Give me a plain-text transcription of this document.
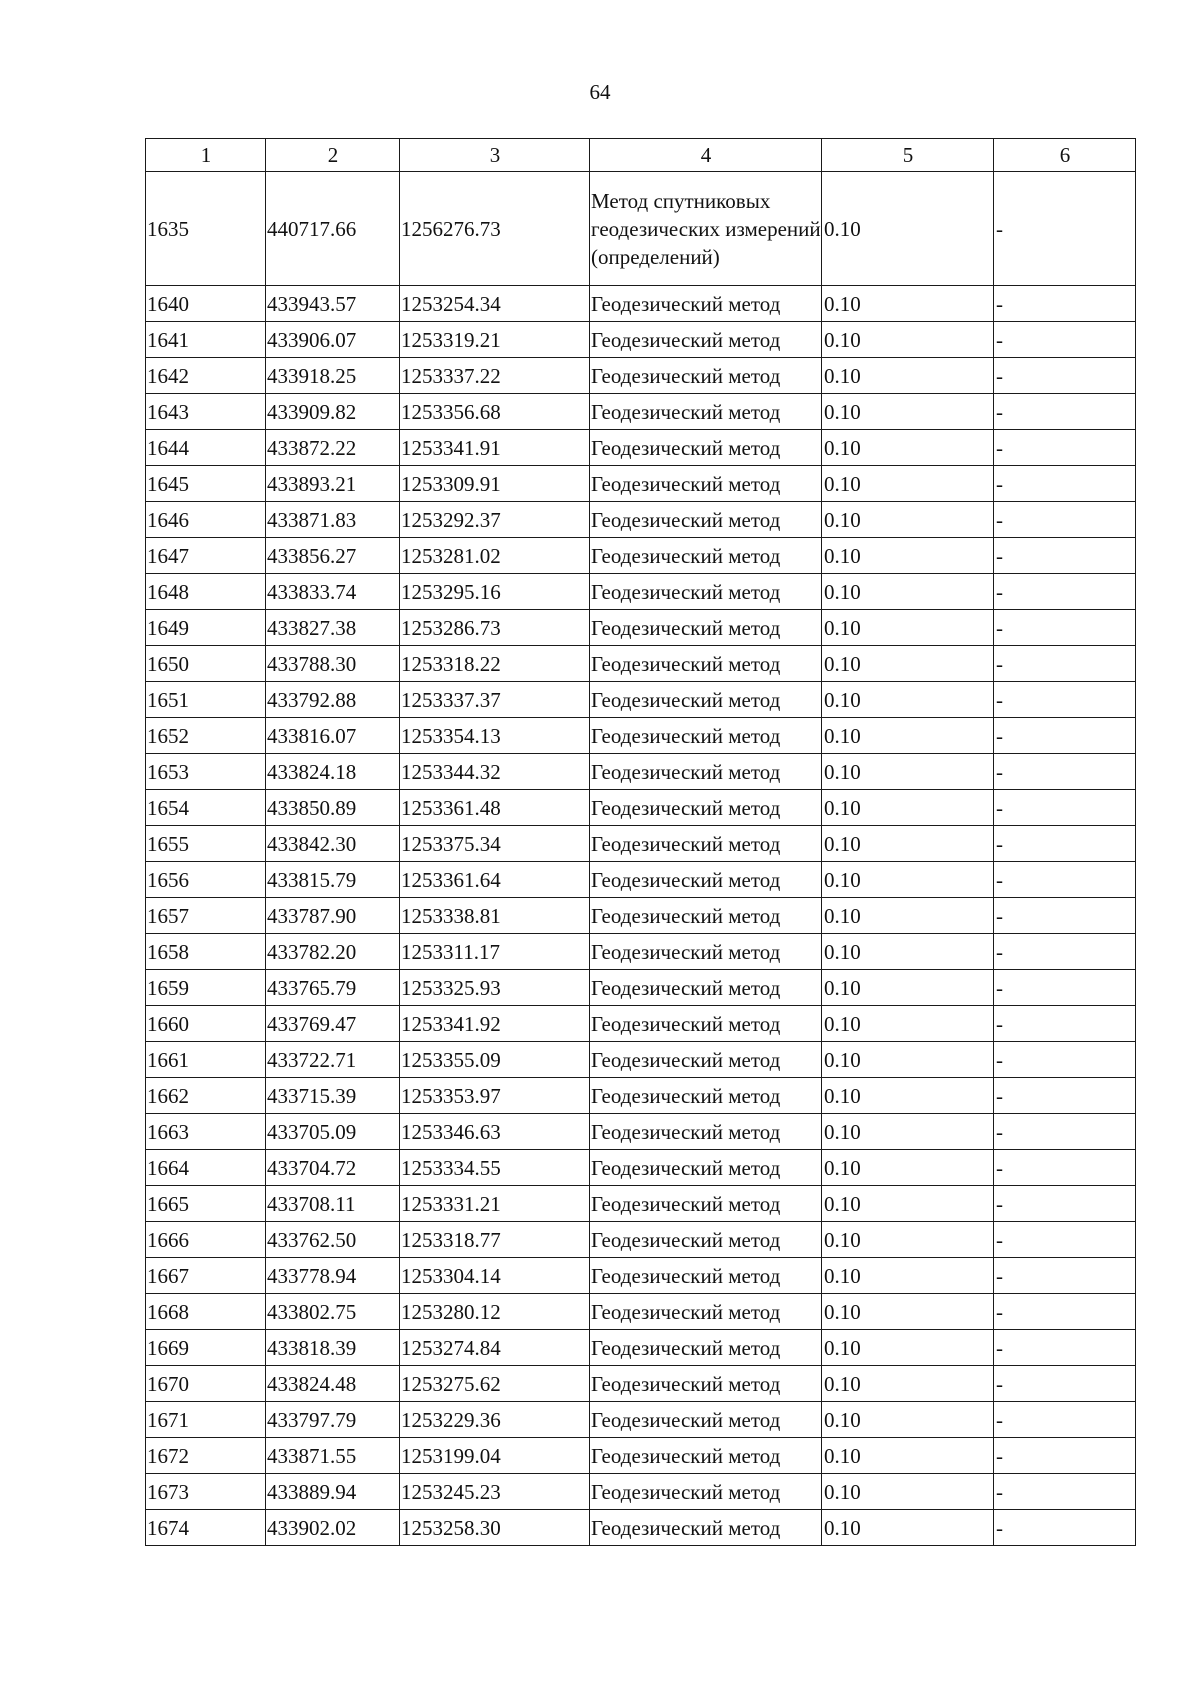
64
1	2	3	4	5	6
1635	440717.66	1256276.73	Метод спутниковых геодезических измерений (определений)	0.10	-
1640	433943.57	1253254.34	Геодезический метод	0.10	-
1641	433906.07	1253319.21	Геодезический метод	0.10	-
1642	433918.25	1253337.22	Геодезический метод	0.10	-
1643	433909.82	1253356.68	Геодезический метод	0.10	-
1644	433872.22	1253341.91	Геодезический метод	0.10	-
1645	433893.21	1253309.91	Геодезический метод	0.10	-
1646	433871.83	1253292.37	Геодезический метод	0.10	-
1647	433856.27	1253281.02	Геодезический метод	0.10	-
1648	433833.74	1253295.16	Геодезический метод	0.10	-
1649	433827.38	1253286.73	Геодезический метод	0.10	-
1650	433788.30	1253318.22	Геодезический метод	0.10	-
1651	433792.88	1253337.37	Геодезический метод	0.10	-
1652	433816.07	1253354.13	Геодезический метод	0.10	-
1653	433824.18	1253344.32	Геодезический метод	0.10	-
1654	433850.89	1253361.48	Геодезический метод	0.10	-
1655	433842.30	1253375.34	Геодезический метод	0.10	-
1656	433815.79	1253361.64	Геодезический метод	0.10	-
1657	433787.90	1253338.81	Геодезический метод	0.10	-
1658	433782.20	1253311.17	Геодезический метод	0.10	-
1659	433765.79	1253325.93	Геодезический метод	0.10	-
1660	433769.47	1253341.92	Геодезический метод	0.10	-
1661	433722.71	1253355.09	Геодезический метод	0.10	-
1662	433715.39	1253353.97	Геодезический метод	0.10	-
1663	433705.09	1253346.63	Геодезический метод	0.10	-
1664	433704.72	1253334.55	Геодезический метод	0.10	-
1665	433708.11	1253331.21	Геодезический метод	0.10	-
1666	433762.50	1253318.77	Геодезический метод	0.10	-
1667	433778.94	1253304.14	Геодезический метод	0.10	-
1668	433802.75	1253280.12	Геодезический метод	0.10	-
1669	433818.39	1253274.84	Геодезический метод	0.10	-
1670	433824.48	1253275.62	Геодезический метод	0.10	-
1671	433797.79	1253229.36	Геодезический метод	0.10	-
1672	433871.55	1253199.04	Геодезический метод	0.10	-
1673	433889.94	1253245.23	Геодезический метод	0.10	-
1674	433902.02	1253258.30	Геодезический метод	0.10	-
